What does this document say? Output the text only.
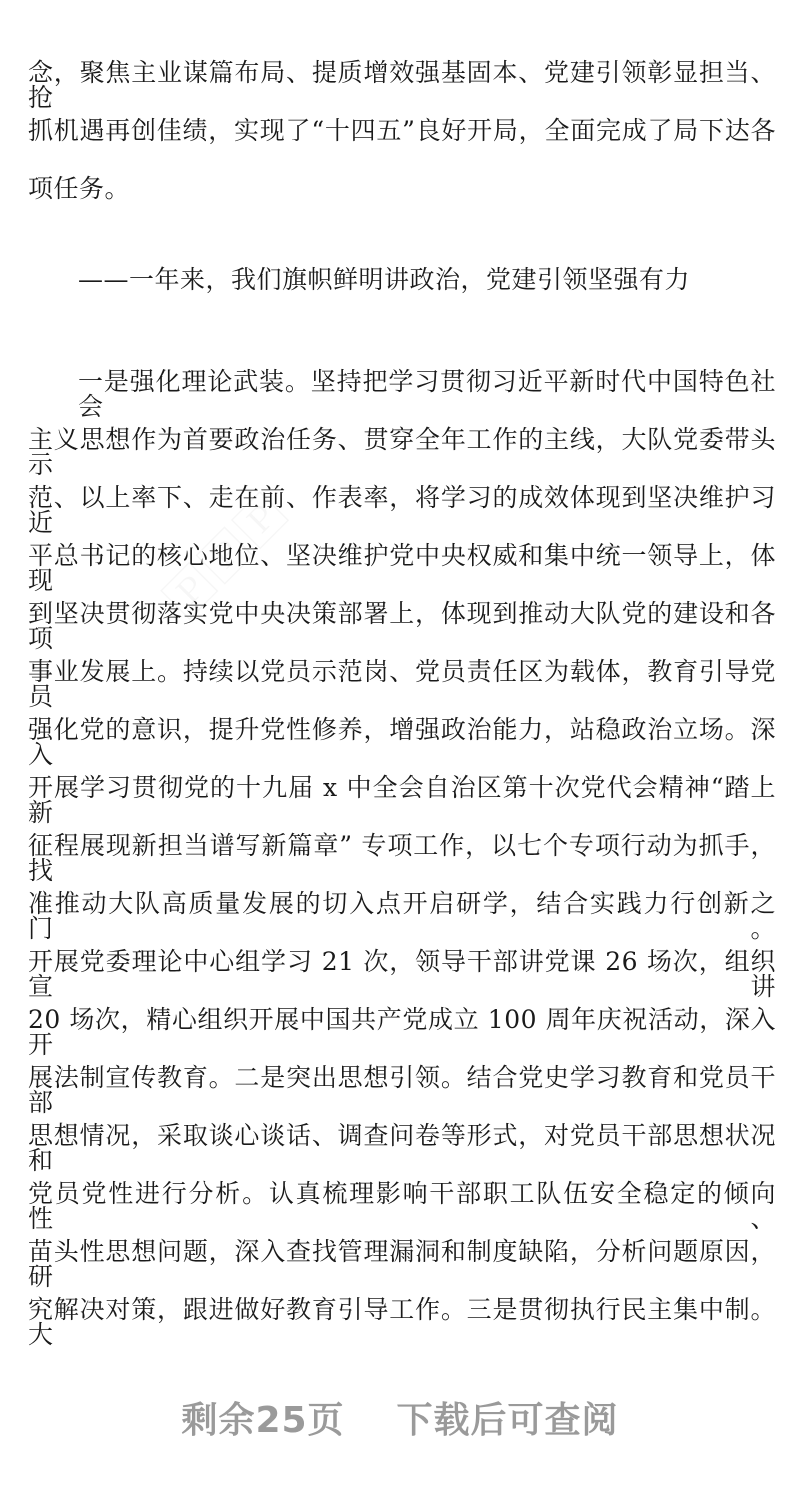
🄿🄿🄿
念，聚焦主业谋篇布局、提质增效强基固本、党建引领彰显担当、抢
抓机遇再创佳绩，实现了“十四五”良好开局，全面完成了局下达各
项任务。
——一年来，我们旗帜鲜明讲政治，党建引领坚强有力
一是强化理论武装。坚持把学习贯彻习近平新时代中国特色社会
主义思想作为首要政治任务、贯穿全年工作的主线，大队党委带头示
范、以上率下、走在前、作表率，将学习的成效体现到坚决维护习近
平总书记的核心地位、坚决维护党中央权威和集中统一领导上，体现
到坚决贯彻落实党中央决策部署上，体现到推动大队党的建设和各项
事业发展上。持续以党员示范岗、党员责任区为载体，教育引导党员
强化党的意识，提升党性修养，增强政治能力，站稳政治立场。深入
开展学习贯彻党的十九届 x 中全会自治区第十次党代会精神“踏上新
征程展现新担当谱写新篇章” 专项工作，以七个专项行动为抓手，找
准推动大队高质量发展的切入点开启研学，结合实践力行创新之门。
开展党委理论中心组学习 21 次，领导干部讲党课 26 场次，组织宣讲
20 场次，精心组织开展中国共产党成立 100 周年庆祝活动，深入开
展法制宣传教育。二是突出思想引领。结合党史学习教育和党员干部
思想情况，采取谈心谈话、调查问卷等形式，对党员干部思想状况和
党员党性进行分析。认真梳理影响干部职工队伍安全稳定的倾向性、
苗头性思想问题，深入查找管理漏洞和制度缺陷，分析问题原因，研
究解决对策，跟进做好教育引导工作。三是贯彻执行民主集中制。大
剩余25页 下载后可查阅
